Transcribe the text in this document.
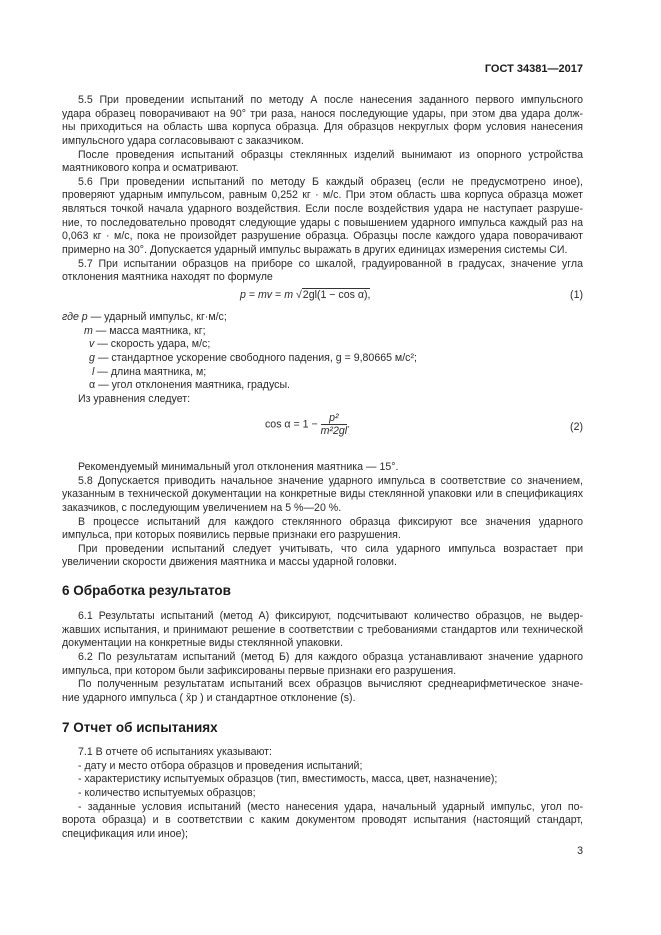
ГОСТ 34381—2017
5.5 При проведении испытаний по методу А после нанесения заданного первого импульсного
удара образец поворачивают на 90° три раза, нанося последующие удары, при этом два удара долж-
ны приходиться на область шва корпуса образца. Для образцов некруглых форм условия нанесения
импульсного удара согласовывают с заказчиком.
После проведения испытаний образцы стеклянных изделий вынимают из опорного устройства
маятникового копра и осматривают.
5.6 При проведении испытаний по методу Б каждый образец (если не предусмотрено иное),
проверяют ударным импульсом, равным 0,252 кг · м/с. При этом область шва корпуса образца может
являться точкой начала ударного воздействия. Если после воздействия удара не наступает разруше-
ние, то последовательно проводят следующие удары с повышением ударного импульса каждый раз на
0,063 кг · м/с, пока не произойдет разрушение образца. Образцы после каждого удара поворачивают
примерно на 30°. Допускается ударный импульс выражать в других единицах измерения системы СИ.
5.7 При испытании образцов на приборе со шкалой, градуированной в градусах, значение угла
отклонения маятника находят по формуле
p = mv = m √2gl(1 − cos α),	(1)
где p — ударный импульс, кг·м/с;
m — масса маятника, кг;
v — скорость удара, м/с;
g — стандартное ускорение свободного падения, g = 9,80665 м/с²;
l — длина маятника, м;
α — угол отклонения маятника, градусы.
Из уравнения следует:
$\cos \alpha = 1 - \frac{\text{p²}}{\text{m²2gl}}$ .	(2)
Рекомендуемый минимальный угол отклонения маятника — 15°.
5.8 Допускается приводить начальное значение ударного импульса в соответствие со значением,
указанным в технической документации на конкретные виды стеклянной упаковки или в спецификациях
заказчиков, с последующим увеличением на 5 %—20 %.
В процессе испытаний для каждого стеклянного образца фиксируют все значения ударного
импульса, при которых появились первые признаки его разрушения.
При проведении испытаний следует учитывать, что сила ударного импульса возрастает при
увеличении скорости движения маятника и массы ударной головки.
6 Обработка результатов
6.1 Результаты испытаний (метод А) фиксируют, подсчитывают количество образцов, не выдер-
жавших испытания, и принимают решение в соответствии с требованиями стандартов или технической
документации на конкретные виды стеклянной упаковки.
6.2 По результатам испытаний (метод Б) для каждого образца устанавливают значение ударного
импульса, при котором были зафиксированы первые признаки его разрушения.
По полученным результатам испытаний всех образцов вычисляют среднеарифметическое значе-
ние ударного импульса ( x̄p ) и стандартное отклонение (s).
7 Отчет об испытаниях
7.1 В отчете об испытаниях указывают:
- дату и место отбора образцов и проведения испытаний;
- характеристику испытуемых образцов (тип, вместимость, масса, цвет, назначение);
- количество испытуемых образцов;
- заданные условия испытаний (место нанесения удара, начальный ударный импульс, угол по-
ворота образца) и в соответствии с каким документом проводят испытания (настоящий стандарт,
спецификация или иное);
3
